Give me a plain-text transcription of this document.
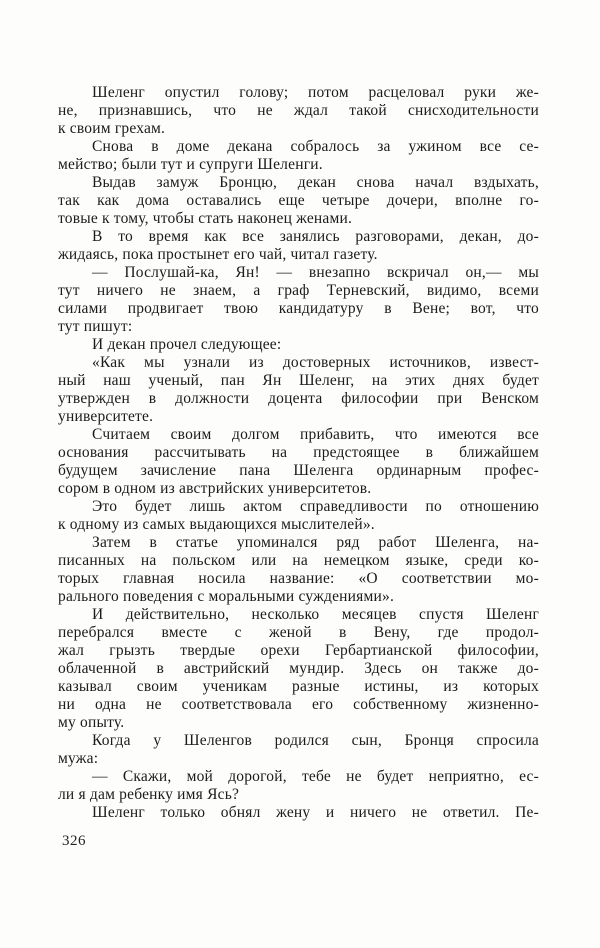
Шеленг опустил голову; потом расцеловал руки же-
не, признавшись, что не ждал такой снисходительности
к своим грехам.
Снова в доме декана собралось за ужином все се-
мейство; были тут и супруги Шеленги.
Выдав замуж Бронцю, декан снова начал вздыхать,
так как дома оставались еще четыре дочери, вполне го-
товые к тому, чтобы стать наконец женами.
В то время как все занялись разговорами, декан, до-
жидаясь, пока простынет его чай, читал газету.
— Послушай-ка, Ян! — внезапно вскричал он,— мы
тут ничего не знаем, а граф Терневский, видимо, всеми
силами продвигает твою кандидатуру в Вене; вот, что
тут пишут:
И декан прочел следующее:
«Как мы узнали из достоверных источников, извест-
ный наш ученый, пан Ян Шеленг, на этих днях будет
утвержден в должности доцента философии при Венском
университете.
Считаем своим долгом прибавить, что имеются все
основания рассчитывать на предстоящее в ближайшем
будущем зачисление пана Шеленга ординарным профес-
сором в одном из австрийских университетов.
Это будет лишь актом справедливости по отношению
к одному из самых выдающихся мыслителей».
Затем в статье упоминался ряд работ Шеленга, на-
писанных на польском или на немецком языке, среди ко-
торых главная носила название: «О соответствии мо-
рального поведения с моральными суждениями».
И действительно, несколько месяцев спустя Шеленг
перебрался вместе с женой в Вену, где продол-
жал грызть твердые орехи Гербартианской философии,
облаченной в австрийский мундир. Здесь он также до-
казывал своим ученикам разные истины, из которых
ни одна не соответствовала его собственному жизненно-
му опыту.
Когда у Шеленгов родился сын, Бронця спросила
мужа:
— Скажи, мой дорогой, тебе не будет неприятно, ес-
ли я дам ребенку имя Ясь?
Шеленг только обнял жену и ничего не ответил. Пе-
326
